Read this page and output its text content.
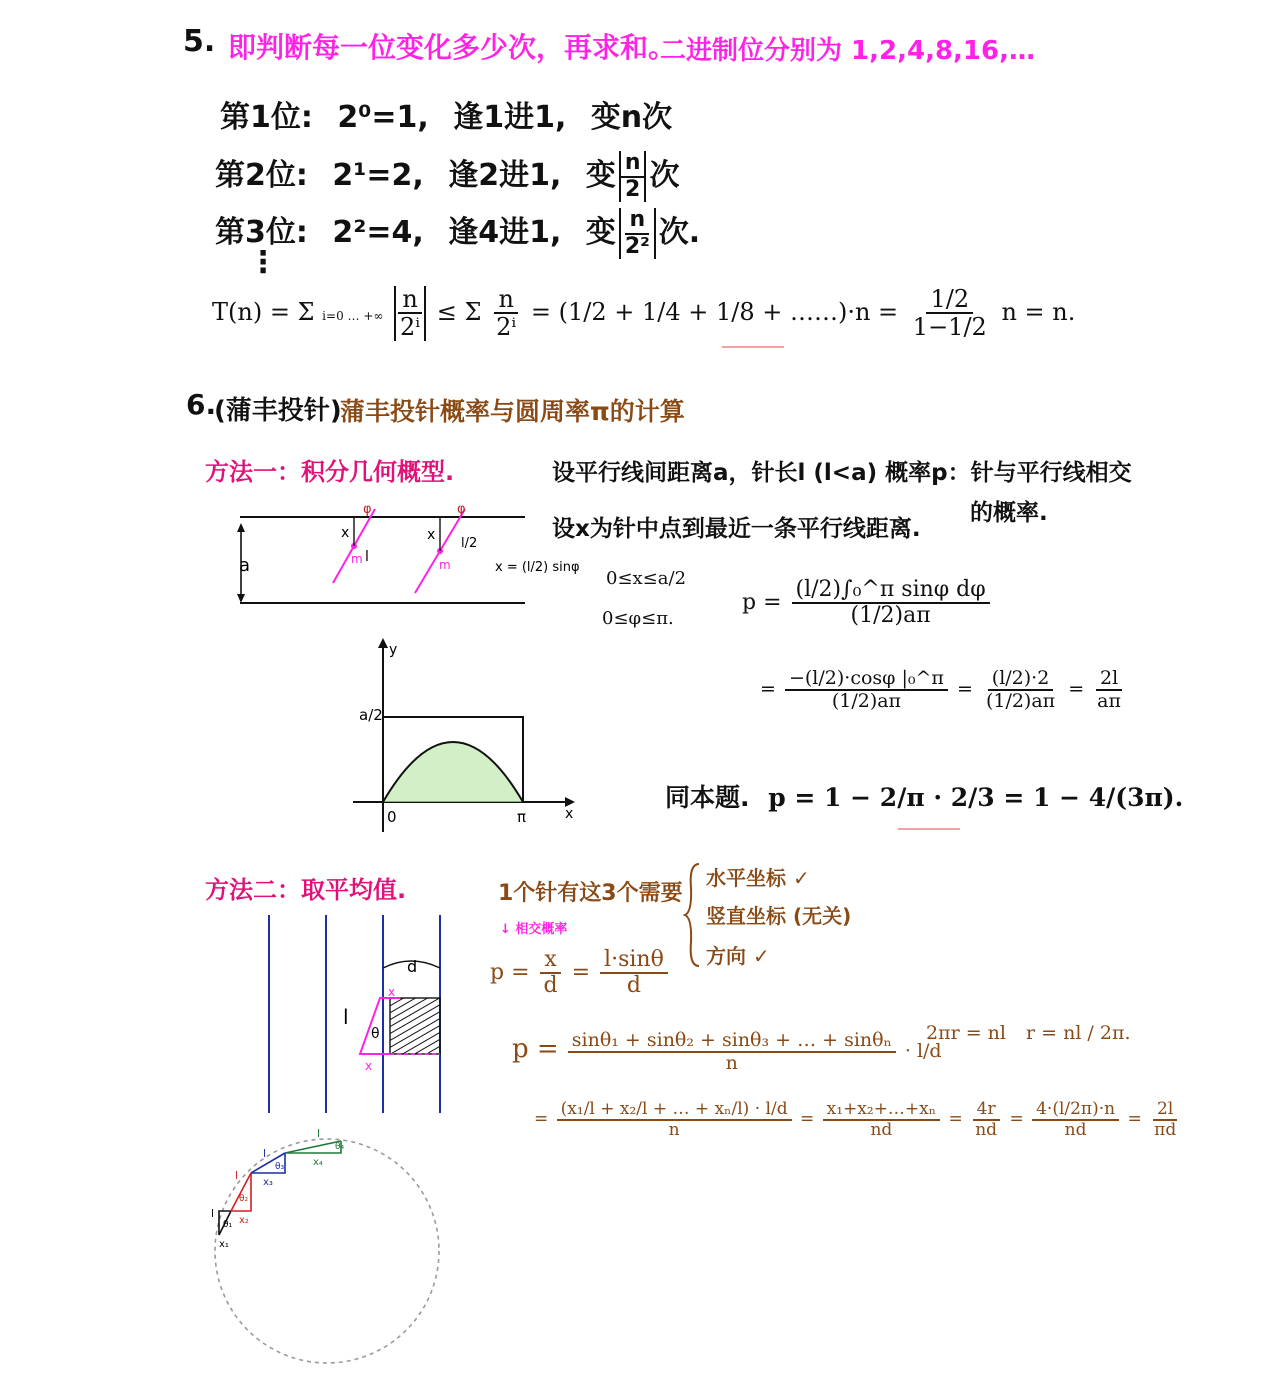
5. 即判断每一位变化多少次，再求和。
二进制位分别为 1,2,4,8,16,…
第1位: 2⁰=1, 逢1进1, 变n次
第2位: 2¹=2, 逢2进1, 变 $\frac{n}{2}$ 次
第3位: 2²=4, 逢4进1, 变 $\frac{n}{\text{2²}}$ 次.
⋮
T(n) = Σ i=0 … +∞ $\frac{n}{\text{2ⁱ}} \le \Sigma \frac{n}{\text{2ⁱ}} = (1/2 + 1/4 + 1/8$ + ……)·n = $\frac{1/2}{1-1/2}$ n = n.
6.
(蒲丰投针)
蒲丰投针概率与圆周率π的计算
方法一：积分几何概型.	设平行线间距离a，针长l (l<a) 概率p：针与平行线相交
的概率.
设x为针中点到最近一条平行线距离.
0≤x≤a/2
0≤φ≤π.
$p = \frac{\text{(l/2)∫₀\textasciicircum{}π sinφ dφ}}{(1/2)a\pi}$
= $\frac{\text{−(l/2)·cosφ |₀\textasciicircum{}π}}{(1/2)a\pi} = \frac{(l/2)\cdot 2}{(1/2)a\pi} = \frac{2l}{a\pi}$
同本题. p = 1 − 2/π · 2/3 = 1 − 4/(3π).
a
x
l
m
φ
x
m
l/2
φ
x = (l/2) sinφ
y
x
a/2
0	π
方法二：取平均值.	1个针有这3个需要
水平坐标 ✓
竖直坐标 (无关)
方向 ✓
↓ 相交概率
$p = \frac{x}{d} = \frac{l\cdot\sin\theta}{d}$
$p = \frac{\text{sinθ₁ + sinθ₂ + sinθ₃ + … + sinθₙ}}{n} \cdot l/d$
2πr = nl r = nl / 2π.
= $\frac{\text{(x₁/l + x₂/l + … + xₙ/l) · l/d}}{n} = \frac{\text{x₁+x₂+…+xₙ}}{nd} = \frac{4r}{nd} = \frac{4\cdot(l/2\pi)\cdot n}{nd} = \frac{2l}{\pi d}$
d
x
x
l
θ
l
x₁
θ₁
l
x₂
θ₂
l
x₃
θ₃
l
x₄
θ₄
